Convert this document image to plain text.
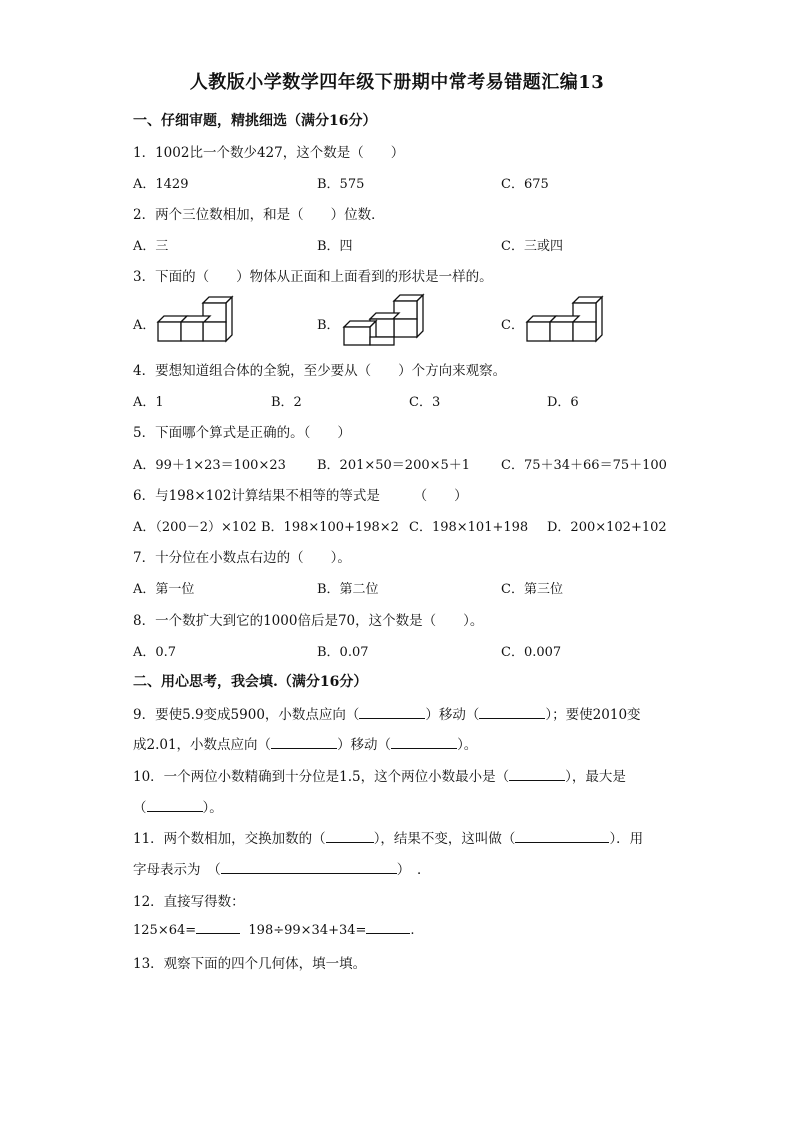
人教版小学数学四年级下册期中常考易错题汇编13
一、仔细审题，精挑细选（满分16分）
1．1002比一个数少427，这个数是（　　）
A．1429	B．575	C．675
2．两个三位数相加，和是（　　）位数．
A．三	B．四	C．三或四
3．下面的（　　）物体从正面和上面看到的形状是一样的。
A．	B．	C．
4．要想知道组合体的全貌，至少要从（　　）个方向来观察。
A．1	B．2	C．3	D．6
5．下面哪个算式是正确的。（　　）
A．99＋1×23＝100×23 B．201×50＝200×5＋1 C．75＋34＋66＝75＋100
6．与198×102计算结果不相等的等式是　　　（　　）
A．（200－2）×102 B．198×100+198×2 C．198×101+198 D．200×102+102
7．十分位在小数点右边的（　　）。
A．第一位	B．第二位	C．第三位
8．一个数扩大到它的1000倍后是70，这个数是（　　）。
A．0.7	B．0.07	C．0.007
二、用心思考，我会填.（满分16分）
9．要使5.9变成5900，小数点应向（	）移动（	）；要使2010变
成2.01，小数点应向（	）移动（	）。
10．一个两位小数精确到十分位是1.5，这个两位小数最小是（	），最大是
（	）。
11．两个数相加，交换加数的（	），结果不变，这叫做（	）．用
字母表示为　（	）　．
12．直接写得数：
125×64=	198÷99×34+34=	.
13．观察下面的四个几何体，填一填。
